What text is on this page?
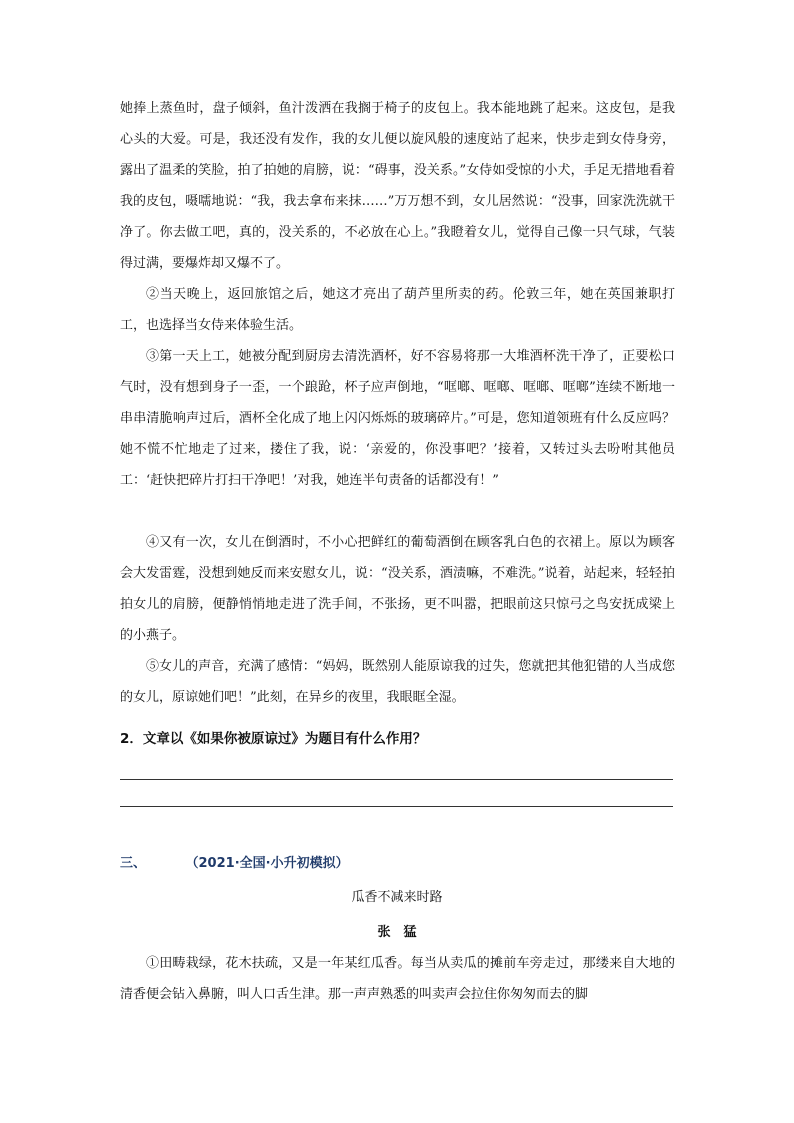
她捧上蒸鱼时，盘子倾斜，鱼汁泼洒在我搁于椅子的皮包上。我本能地跳了起来。这皮包，是我心头的大爱。可是，我还没有发作，我的女儿便以旋风般的速度站了起来，快步走到女侍身旁，露出了温柔的笑脸，拍了拍她的肩膀，说：“碍事，没关系。”女侍如受惊的小犬，手足无措地看着我的皮包，嗫嚅地说：“我，我去拿布来抹……”万万想不到，女儿居然说：“没事，回家洗洗就干净了。你去做工吧，真的，没关系的，不必放在心上。”我瞪着女儿，觉得自己像一只气球，气装得过满，要爆炸却又爆不了。

②当天晚上，返回旅馆之后，她这才亮出了葫芦里所卖的药。伦敦三年，她在英国兼职打工，也选择当女侍来体验生活。

③第一天上工，她被分配到厨房去清洗酒杯，好不容易将那一大堆酒杯洗干净了，正要松口气时，没有想到身子一歪，一个踉跄，杯子应声倒地，“哐啷、哐啷、哐啷、哐啷”连续不断地一串串清脆响声过后，酒杯全化成了地上闪闪烁烁的玻璃碎片。”可是，您知道领班有什么反应吗？她不慌不忙地走了过来，搂住了我，说：‘亲爱的，你没事吧？’接着，又转过头去吩咐其他员工：‘赶快把碎片打扫干净吧！’对我，她连半句责备的话都没有！”

④又有一次，女儿在倒酒时，不小心把鲜红的葡萄酒倒在顾客乳白色的衣裙上。原以为顾客会大发雷霆，没想到她反而来安慰女儿，说：“没关系，酒渍嘛，不难洗。”说着，站起来，轻轻拍拍女儿的肩膀，便静悄悄地走进了洗手间，不张扬，更不叫嚣，把眼前这只惊弓之鸟安抚成梁上的小燕子。

⑤女儿的声音，充满了感情：“妈妈，既然别人能原谅我的过失，您就把其他犯错的人当成您的女儿，原谅她们吧！”此刻，在异乡的夜里，我眼眶全湿。

2．文章以《如果你被原谅过》为题目有什么作用？
三、	（2021·全国·小升初模拟）
瓜香不减来时路
张　猛

①田畴栽绿，花木扶疏，又是一年某红瓜香。每当从卖瓜的摊前车旁走过，那缕来自大地的清香便会钻入鼻腑，叫人口舌生津。那一声声熟悉的叫卖声会拉住你匆匆而去的脚
